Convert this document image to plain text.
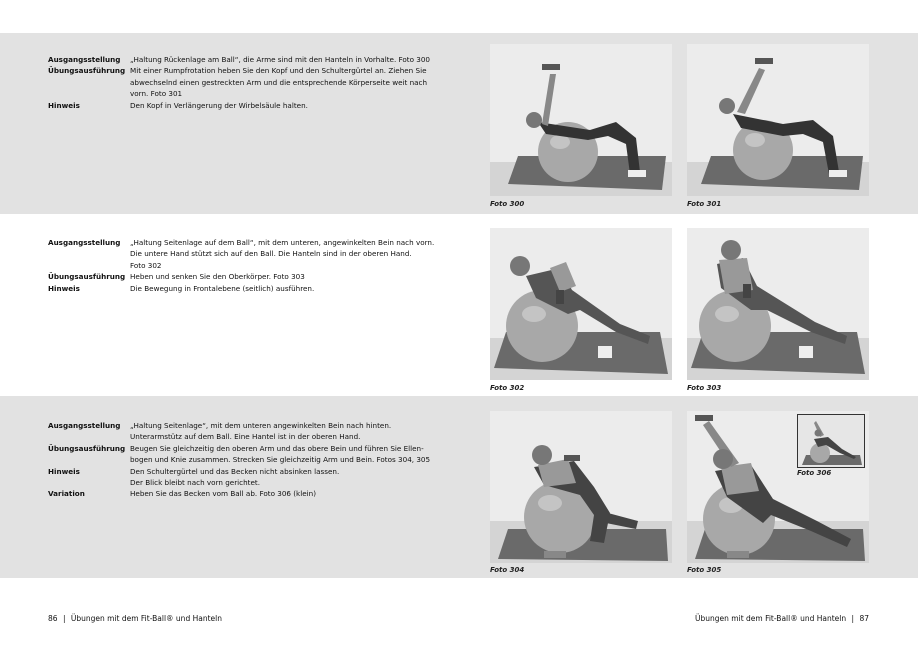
Ausgangsstellung	„Haltung Rückenlage am Ball“, die Arme sind mit den Hanteln in Vorhalte. Foto 300
Übungsausführung Mit einer Rumpfrotation heben Sie den Kopf und den Schultergürtel an. Ziehen Sie
abwechselnd einen gestreckten Arm und die entsprechende Körperseite weit nach
vorn. Foto 301
Hinweis	Den Kopf in Verlängerung der Wirbelsäule halten.
Ausgangsstellung	„Haltung Seitenlage auf dem Ball“, mit dem unteren, angewinkelten Bein nach vorn.
Die untere Hand stützt sich auf den Ball. Die Hanteln sind in der oberen Hand.
Foto 302
Übungsausführung Heben und senken Sie den Oberkörper. Foto 303
Hinweis	Die Bewegung in Frontalebene (seitlich) ausführen.
Ausgangsstellung	„Haltung Seitenlage“, mit dem unteren angewinkelten Bein nach hinten.
Unterarmstütz auf dem Ball. Eine Hantel ist in der oberen Hand.
Übungsausführung Beugen Sie gleichzeitig den oberen Arm und das obere Bein und führen Sie Ellen-
bogen und Knie zusammen. Strecken Sie gleichzeitig Arm und Bein. Fotos 304, 305
Hinweis	Den Schultergürtel und das Becken nicht absinken lassen.
Der Blick bleibt nach vorn gerichtet.
Variation	Heben Sie das Becken vom Ball ab. Foto 306 (klein)
Foto 300	Foto 301
Foto 302	Foto 303
Foto 304	Foto 305
Foto 306
86 | Übungen mit dem Fit-Ball® und Hanteln	Übungen mit dem Fit-Ball® und Hanteln | 87
